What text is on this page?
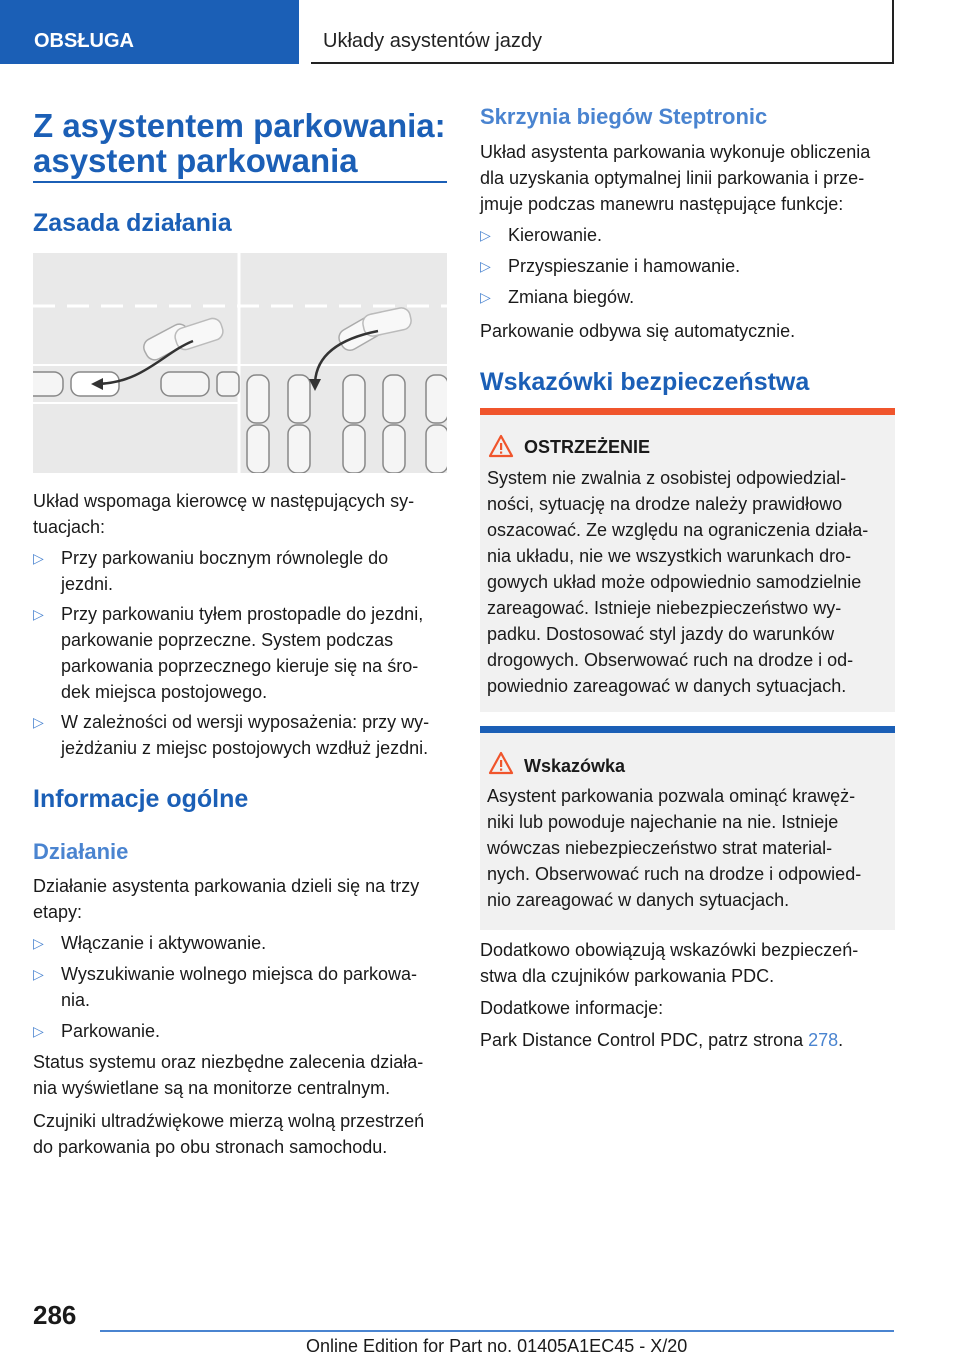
OBSŁUGA	Układy asystentów jazdy
Z asystentem parkowania:
asystent parkowania
Zasada działania

Układ wspomaga kierowcę w następujących sy-

tuacjach:

▷ Przy parkowaniu bocznym równolegle do
jezdni.
▷ Przy parkowaniu tyłem prostopadle do jezdni,
parkowanie poprzeczne. System podczas
parkowania poprzecznego kieruje się na śro-
dek miejsca postojowego.
▷ W zależności od wersji wyposażenia: przy wy-
jeżdżaniu z miejsc postojowych wzdłuż jezdni.
Informacje ogólne
Działanie

Działanie asystenta parkowania dzieli się na trzy

etapy:

▷ Włączanie i aktywowanie.
▷ Wyszukiwanie wolnego miejsca do parkowa-
nia.
▷ Parkowanie.

Status systemu oraz niezbędne zalecenia działa-

nia wyświetlane są na monitorze centralnym.

Czujniki ultradźwiękowe mierzą wolną przestrzeń

do parkowania po obu stronach samochodu.

Skrzynia biegów Steptronic

Układ asystenta parkowania wykonuje obliczenia

dla uzyskania optymalnej linii parkowania i prze-

jmuje podczas manewru następujące funkcje:

▷ Kierowanie.
▷ Przyspieszanie i hamowanie.
▷ Zmiana biegów.

Parkowanie odbywa się automatycznie.

Wskazówki bezpieczeństwa
OSTRZEŻENIE

System nie zwalnia z osobistej odpowiedzial-

ności, sytuację na drodze należy prawidłowo

oszacować. Ze względu na ograniczenia działa-

nia układu, nie we wszystkich warunkach dro-

gowych układ może odpowiednio samodzielnie

zareagować. Istnieje niebezpieczeństwo wy-

padku. Dostosować styl jazdy do warunków

drogowych. Obserwować ruch na drodze i od-

powiednio zareagować w danych sytuacjach.

Wskazówka

Asystent parkowania pozwala ominąć krawęż-

niki lub powoduje najechanie na nie. Istnieje

wówczas niebezpieczeństwo strat material-

nych. Obserwować ruch na drodze i odpowied-

nio zareagować w danych sytuacjach.

Dodatkowo obowiązują wskazówki bezpieczeń-

stwa dla czujników parkowania PDC.

Dodatkowe informacje:

Park Distance Control PDC, patrz strona 278.

286
Online Edition for Part no. 01405A1EC45 - X/20
